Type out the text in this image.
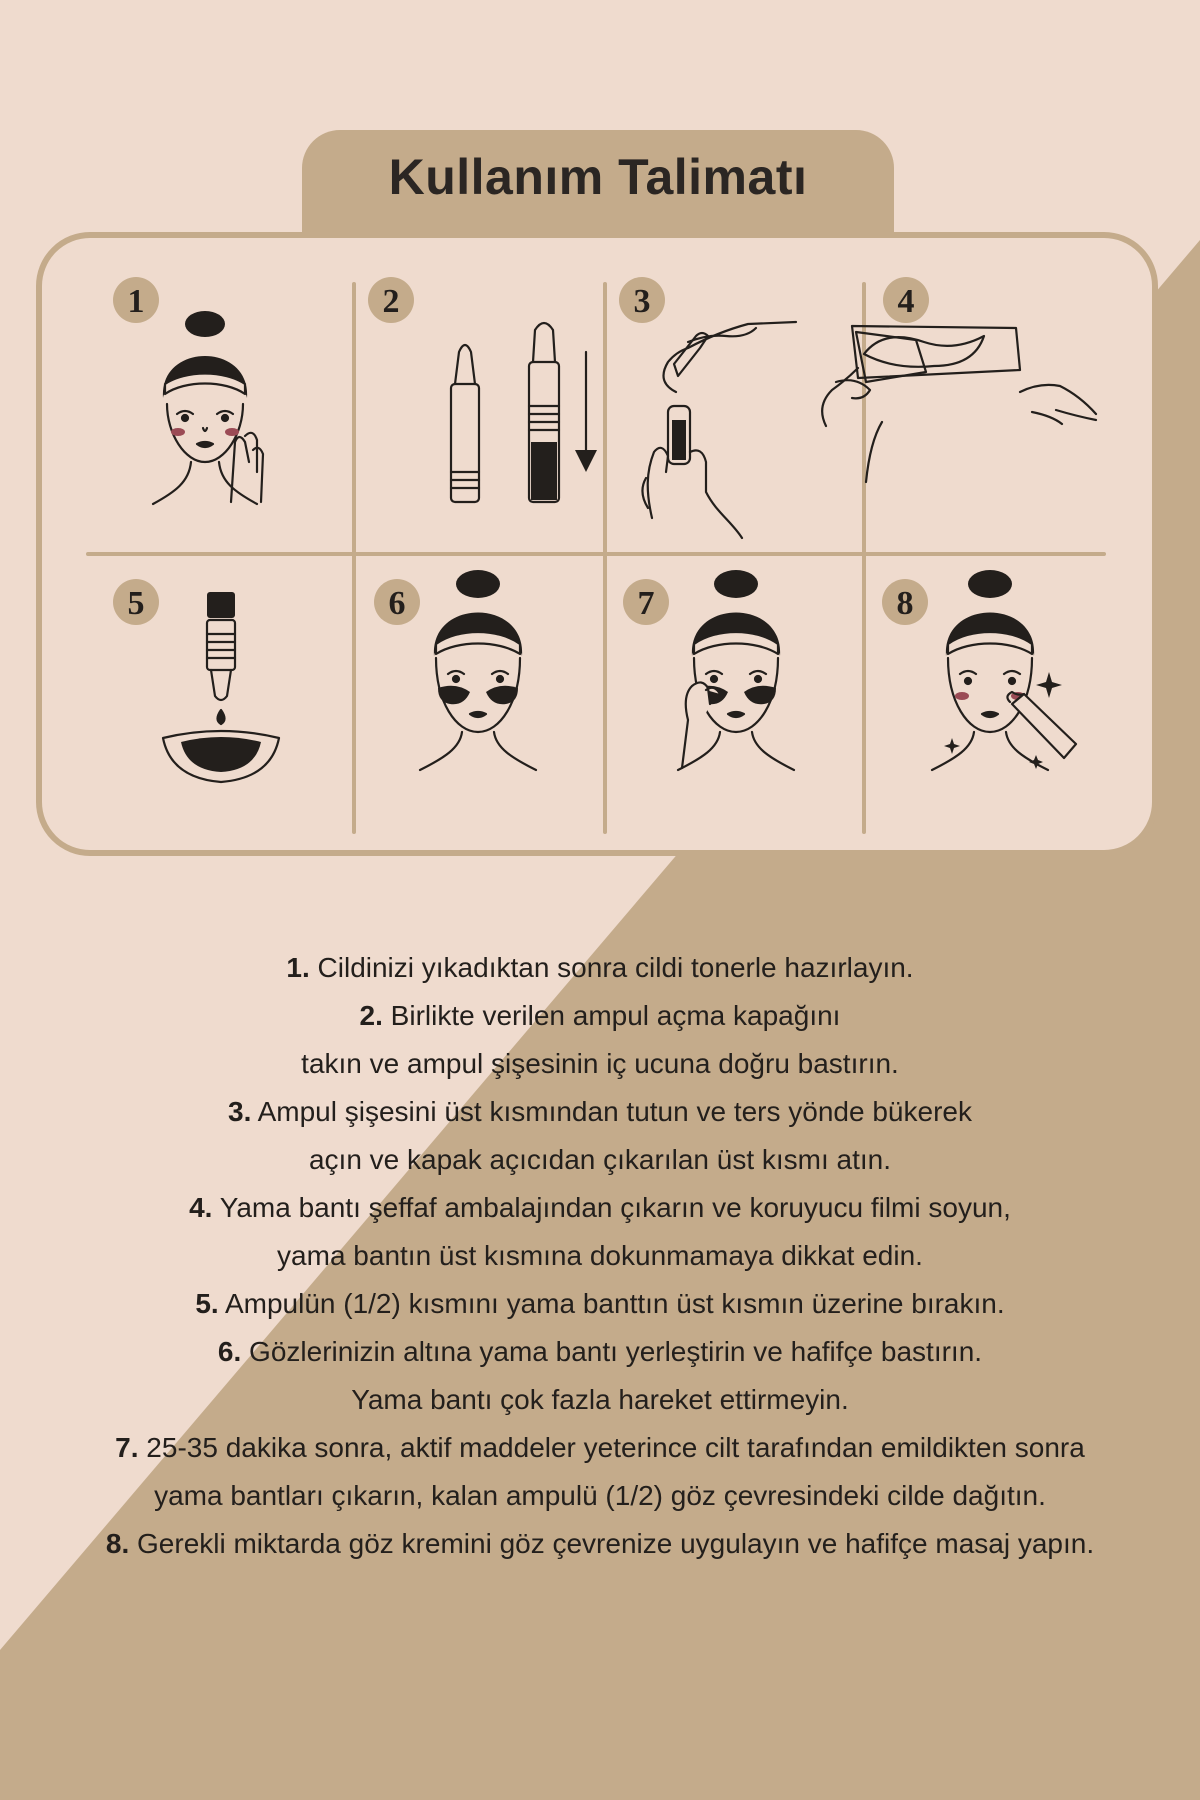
Kullanım Talimatı
1	2	3	4
5	6	7	8
1. Cildinizi yıkadıktan sonra cildi tonerle hazırlayın.
2. Birlikte verilen ampul açma kapağını
takın ve ampul şişesinin iç ucuna doğru bastırın.
3. Ampul şişesini üst kısmından tutun ve ters yönde bükerek
açın ve kapak açıcıdan çıkarılan üst kısmı atın.
4. Yama bantı şeffaf ambalajından çıkarın ve koruyucu filmi soyun,
yama bantın üst kısmına dokunmamaya dikkat edin.
5. Ampulün (1/2) kısmını yama banttın üst kısmın üzerine bırakın.
6. Gözlerinizin altına yama bantı yerleştirin ve hafifçe bastırın.
Yama bantı çok fazla hareket ettirmeyin.
7. 25-35 dakika sonra, aktif maddeler yeterince cilt tarafından emildikten sonra
yama bantları çıkarın, kalan ampulü (1/2) göz çevresindeki cilde dağıtın.
8. Gerekli miktarda göz kremini göz çevrenize uygulayın ve hafifçe masaj yapın.
